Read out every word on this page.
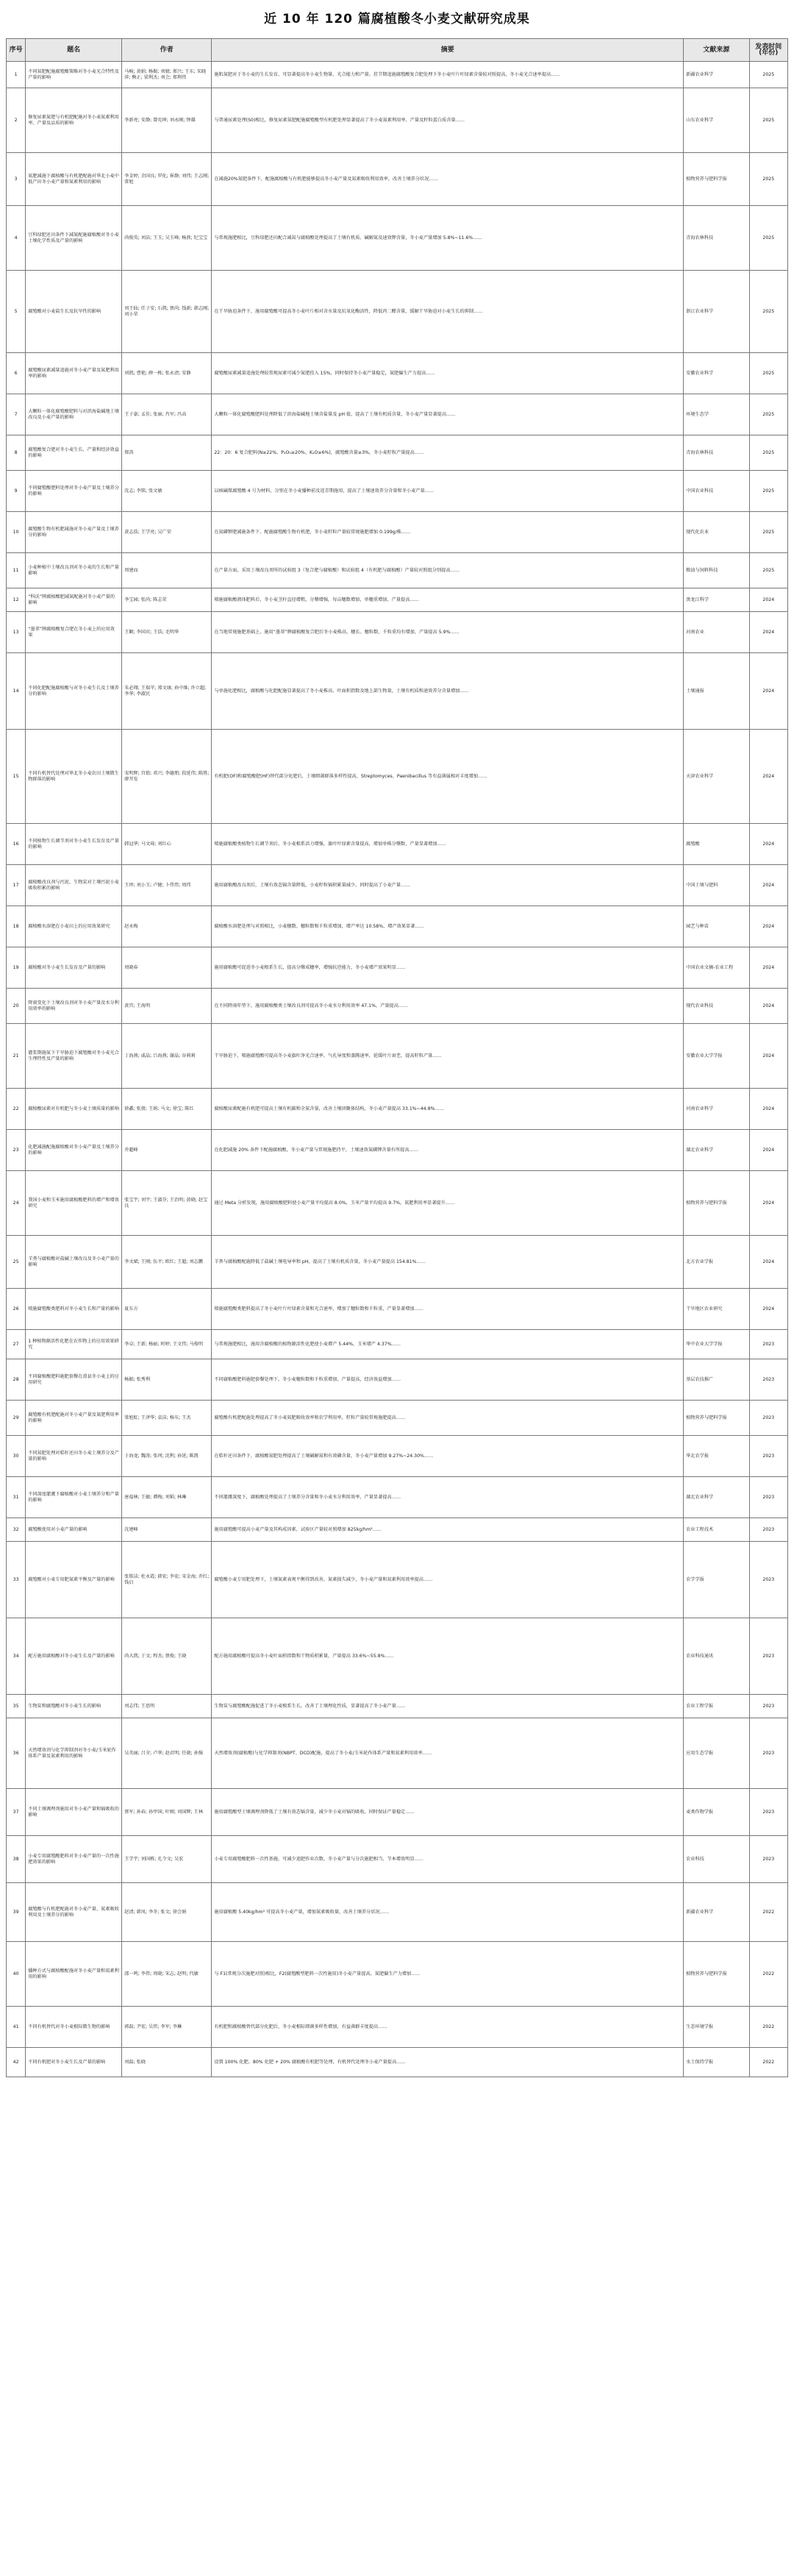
近 10 年 120 篇腐植酸冬小麦文献研究成果
序号	题名	作者	摘要	文献来源	发表时间(年份)
1	不同氮肥配施腐殖酸策略对冬小麦光合特性及产量的影响	马畅; 黄娟; 杨振; 刘婧; 郑兴; 王东; 宋晓萍; 熊正; 梁利杰; 刘会; 郑利伟	施肌氮肥对于冬小麦的生长发育，可显著提高冬小麦生物量、光合能力和产量。挂节期追施腐殖酸复合肥处理下冬小麦叶片叶绿素含量较对照提高，冬小麦光合速率提高……	新疆农业科学	2025
2	修复尿素氮肥与有机肥配施对冬小麦氮素利用率、产量及品质的影响	李新亮; 安静; 曾宪坤; 刘永刚; 钟雄	与普通尿素处理(S0)相比，修复尿素氮肥配施腐殖酸型有机肥处理显著提高了冬小麦氮素利用率、产量及籽粒蛋白质含量……	山东农业科学	2025
3	氮肥减施下腐植酸与有机肥配施对华北小麦中低产田冬小麦产量和氮素利用的影响	李金婷; 余国良; 罗化; 崔静; 刘伟; 王志刚; 雷旭	在减施20%氮肥条件下，配施腐植酸与有机肥能够提高冬小麦产量及氮素吸收利用效率，改善土壤养分状况……	植物营养与肥料学报	2025
4	豆科绿肥还田条件下减氮配施腐植酸对冬小麦土壤化学性质及产量的影响	尚俊英; 刘洁; 王玉; 吴玉峰; 杨燕; 纪宝宝	与常规施肥相比，豆科绿肥还田配合减氮与腐植酸处理提高了土壤有机质、碱解氮及速效钾含量，冬小麦产量增加 5.8%~11.6%……	青海农林科技	2025
5	腐殖酸对小麦盐生长及抗旱性的影响	刘王仙; 任子安; 石凯; 蔡尚; 钱新; 韩志刚; 刘小荣	在干旱胁迫条件下，施用腐殖酸可提高冬小麦叶片相对含水量及抗氧化酶活性，降低丙二醛含量，缓解干旱胁迫对小麦生长的抑制……	浙江农业科学	2025
6	腐殖酸尿素减量追施对冬小麦产量及氮肥利用率的影响	刘凯; 曹艳; 薛一栋; 张永清; 安静	腐殖酸尿素减量追施处理较常规尿素可减少氮肥投入 15%，同时保持冬小麦产量稳定，氮肥偏生产力提高……	安徽农业科学	2025
7	大颗粒一体化腐殖酸肥料与对滨海盐碱地土壤改良及小麦产量的影响	王子豪; 孟佳; 张丽; 肖军; 冯高	大颗粒一体化腐殖酸肥料处理降低了滨海盐碱地土壤含盐量及 pH 值，提高了土壤有机质含量，冬小麦产量显著提高……	环境生态学	2025
8	腐殖酸复合肥对冬小麦生长、产量和经济效益的影响	郑涛	22：20：6 复合肥料(N≥22%、P₂O₅≥20%、K₂O≥6%)，腐殖酸含量≥3%，冬小麦籽粒产量提高……	青海农林科技	2025
9	不同腐殖酸肥料处理对冬小麦产量及土壤养分的影响	沈志; 李铭; 张文敏	以核碱煤腐殖酸 4 号为材料，分别在冬小麦播种前及返青期施用，提高了土壤速效养分含量和冬小麦产量……	中国农业科技	2025
10	腐殖酸生物有机肥减施对冬小麦产量及土壤养分的影响	黄志浩; 王学亮; 吴广荣	在氮磷钾肥减施条件下，配施腐殖酸生物有机肥，冬小麦籽粒产量较常规施肥增加 0.199g/株……	现代化农业	2025
11	小麦种植中土壤改良剂对冬小麦的生长和产量影响	周建而	在产量方面，采用土壤改良剂所的试验组 3（复合肥与腐植酸）和试验组 4（有机肥与腐植酸）产量较对照组分别提高……	粮油与饲料科技	2025
12	“科沃”牌腐植酸肥减氮配施对冬小麦产量的影响	李宝园; 张尚; 陈志荣	喷施腐植酸液体肥料后，冬小麦茎秆直径增粗，分蘖增强，每亩穗数增加，单穗重增加，产量提高……	黑龙江科学	2024
13	“墨翠”牌腐植酸复合肥在冬小麦上的应用效果	王颖; 李国宾; 王浩; 毛明华	在当地常规施肥基础上，施用“墨翠”牌腐植酸复合肥后冬小麦株高、穗长、穗粒数、千粒重均有增加，产量提高 5.9%……	河南农业	2024
14	不同化肥配施腐植酸与对冬小麦生长及土壤养分的影响	朱必翔; 王瑞苹; 郑文康; 孙中维; 许立超; 李华; 李淑民	与单施化肥相比，腐植酸与化肥配施显著提高了冬小麦株高、叶面积指数及地上部生物量，土壤有机质和速效养分含量增加……	土壤通报	2024
15	不同有机替代处理对华北冬小麦农田土壤微生物群落的影响	宋明辉; 宫倩; 邓兴; 李德朋; 段延伟; 陈胜; 廖开发	有机肥(OF)和腐殖酸肥(HF)替代部分化肥后，土壤细菌群落多样性提高，Streptomyces、Paenibacillus 等有益菌属相对丰度增加……	天津农业科学	2024
16	不同植物生长调节剂对冬小麦生长发育及产量的影响	韩冠华; 马文琦; 刘红心	喷施腐植酸类植物生长调节剂后，冬小麦根系活力增强，旗叶叶绿素含量提高，增加单株分蘖数，产量显著增加……	腐殖酸	2024
17	腐植酸改良剂与污泥、生物炭对土壤污泥小麦吸收积累的影响	王珍; 刘小玉; 卢健; 卜伟伟; 周伟	施用腐植酸改良剂后，土壤有效态镉含量降低，小麦籽粒镉积累量减少，同时提高了小麦产量……	中国土壤与肥料	2024
18	腐植酸水溶肥在小麦田上的应用效果研究	赵永梅	腐植酸水溶肥处理与对照相比，小麦穗数、穗粒数和千粒重增加，增产率达 10.58%，增产效果显著……	园艺与种苗	2024
19	腐植酸对冬小麦生长发育及产量的影响	周晓春	施用腐植酸可促进冬小麦根系生长，提高分蘖成穗率，增强抗逆能力，冬小麦增产效果明显……	中国农业文摘-农业工程	2024
20	降雨变化下土壤改良剂对冬小麦产量及水分利用效率的影响	黄宫; 王海明	在不同降雨年型下，施用腐植酸类土壤改良剂可提高冬小麦水分利用效率 47.1%，产量提高……	现代农业科技	2024
21	灌浆期施氮下干旱胁迫下腐殖酸对冬小麦光合生理特性及产量的影响	丁海燕; 戚晶; 吕海燕; 谢晶; 谷莉莉	干旱胁迫下，喷施腐殖酸可提高冬小麦旗叶净光合速率、气孔导度和蒸腾速率，延缓叶片衰老，提高籽粒产量……	安徽农业大学学报	2024
22	腐植酸尿素对有机肥与冬小麦土壤质量的影响	徐鑫; 张倩; 王娟; 马文; 徐宝; 陈红	腐植酸尿素配施有机肥可提高土壤有机碳和全氮含量，改善土壤团聚体结构，冬小麦产量提高 33.1%~44.8%……	河南农业科学	2024
23	化肥减施配施腐植酸对冬小麦产量及土壤养分的影响	乔超峰	在化肥减施 20% 条件下配施腐植酸，冬小麦产量与常规施肥持平，土壤速效氮磷钾含量有所提高……	湖北农业科学	2024
24	我国小麦和玉米施用腐植酸肥料的增产和增效研究	张宝宇; 刘宇; 王淑芬; 王治明; 黄晓; 赵宝良	通过 Meta 分析发现，施用腐植酸肥料使小麦产量平均提高 8.0%，玉米产量平均提高 9.7%，氮肥利用率显著提升……	植物营养与肥料学报	2024
25	羊粪与腐植酸对盐碱土壤改良及冬小麦产量的影响	李文斌; 王刚; 伍平; 欧红; 王超; 刘志鹏	羊粪与腐植酸配施降低了盐碱土壤电导率和 pH，提高了土壤有机质含量，冬小麦产量提高 154.81%……	北方农业学报	2024
26	喷施腐殖酸类肥料对冬小麦生长和产量的影响	夏东方	喷施腐殖酸类肥料提高了冬小麦叶片叶绿素含量和光合速率，增加了穗粒数和千粒重，产量显著增加……	干旱地区农业研究	2024
27	1 种植物源活性化肥在农作物上的应用效果研究	李卓; 王新; 杨丽; 时婷; 王文伟; 马俊明	与常规施肥相比，施用含腐植酸的植物源活性化肥使小麦增产 5.44%，玉米增产 4.37%……	华中农业大学学报	2023
28	不同腐植酸肥料施肥套餐在滑县冬小麦上的应用研究	杨振; 张秀利	不同腐植酸肥料施肥套餐处理下，冬小麦穗粒数和千粒重增加，产量提高，经济效益增加……	基层农技推广	2023
29	腐殖酸有机肥配施对冬小麦产量及氮肥利用率的影响	梁旭虹; 王泽华; 袁洁; 杨东; 王杰	腐殖酸有机肥配施处理提高了冬小麦氮肥吸收效率和农学利用率，籽粒产量较常规施肥提高……	植物营养与肥料学报	2023
30	不同氮肥处理对秸秆还田冬小麦土壤养分及产量的影响	于海龙; 魏涛; 张珂; 沈利; 孙延; 陈凯	在秸秆还田条件下，腐植酸氮肥处理提高了土壤碱解氮和有效磷含量，冬小麦产量增加 9.27%~24.30%……	华北农学报	2023
31	不同深度灌溉下腐植酸对小麦土壤养分和产量的影响	唐福林; 王敏; 谭梅; 刘韬; 林琳	不同灌溉深度下，腐植酸处理提高了土壤养分含量和冬小麦水分利用效率，产量显著提高……	湖北农业科学	2023
32	腐殖酸使用对小麦产量的影响	沈建峰	施用腐殖酸可提高小麦产量及其构成因素，试验区产量较对照增加 825kg/hm²……	农业工程技术	2023
33	腐殖酸对小麦专用肥氮素平衡及产量的影响	张铭洁; 杜永霞; 韩宏; 李宏; 宋金海; 乔红; 钱启	腐殖酸小麦专用肥处理下，土壤氮素表观平衡得到改善，氮素损失减少，冬小麦产量和氮素利用效率提高……	农学学报	2023
34	配方施用腐植酸对冬小麦生长及产量的影响	尚大凯; 于文; 程杰; 蔡俊; 王晓	配方施用腐植酸可提高冬小麦叶面积指数和干物质积累量，产量提高 33.6%~55.8%……	农业科技通讯	2023
35	生物炭和腐殖酸对冬小麦生长的影响	刘志伟; 王思明	生物炭与腐殖酸配施促进了冬小麦根系生长，改善了土壤理化性质，显著提高了冬小麦产量……	农业工程学报	2023
36	天然增效剂与化学抑制剂对冬小麦/玉米轮作体系产量及氮素利用的影响	吴英丽; 吕全; 卢华; 赵君明; 任晓; 孙强	天然增效剂(腐植酸)与化学抑制剂(NBPT、DCD)配施，提高了冬小麦/玉米轮作体系产量和氮素利用效率……	应用生态学报	2023
37	不同土壤调理剂施用对冬小麦产量和镉吸收的影响	蔡军; 孙春; 孙甲国; 叶刚; 刘国辉; 王林	施用腐殖酸型土壤调理剂降低了土壤有效态镉含量，减少冬小麦对镉的吸收，同时保证产量稳定……	麦类作物学报	2023
38	小麦专用腐殖酸肥料对冬小麦产量的一次性施肥效果的影响	王学宇; 刘国栋; 孔令文; 吴宏	小麦专用腐殖酸肥料一次性基施，可减少追肥作业次数，冬小麦产量与分次施肥相当，节本增效明显……	农业科技	2023
39	腐殖酸与有机肥配施对冬小麦产量、氮素吸收利用及土壤养分的影响	赵清; 韩凤; 李冬; 张文; 徐会娟	施用腐植酸 5.40kg/hm² 可提高冬小麦产量，增加氮素吸收量，改善土壤养分状况……	新疆农业科学	2022
40	播种方式与腐植酸配施对冬小麦产量和氮素利用的影响	邵一鸣; 李伟; 周晓; 宋志; 赵明; 代敏	与 F1(常规分次施肥对照)相比，F2(腐殖酸型肥料一次性施用)冬小麦产量提高，氮肥偏生产力增加……	植物营养与肥料学报	2022
41	不同有机替代对冬小麦根际微生物的影响	郭磊; 尹宏; 吴伟; 李军; 李琳	有机肥和腐植酸替代部分化肥后，冬小麦根际细菌多样性增加，有益菌群丰度提高……	生态环境学报	2022
42	不同有机肥对冬小麦生长及产量的影响	刘磊; 张晓	设置 100% 化肥、80% 化肥 + 20% 腐植酸有机肥等处理，有机替代处理冬小麦产量提高……	水土保持学报	2022
